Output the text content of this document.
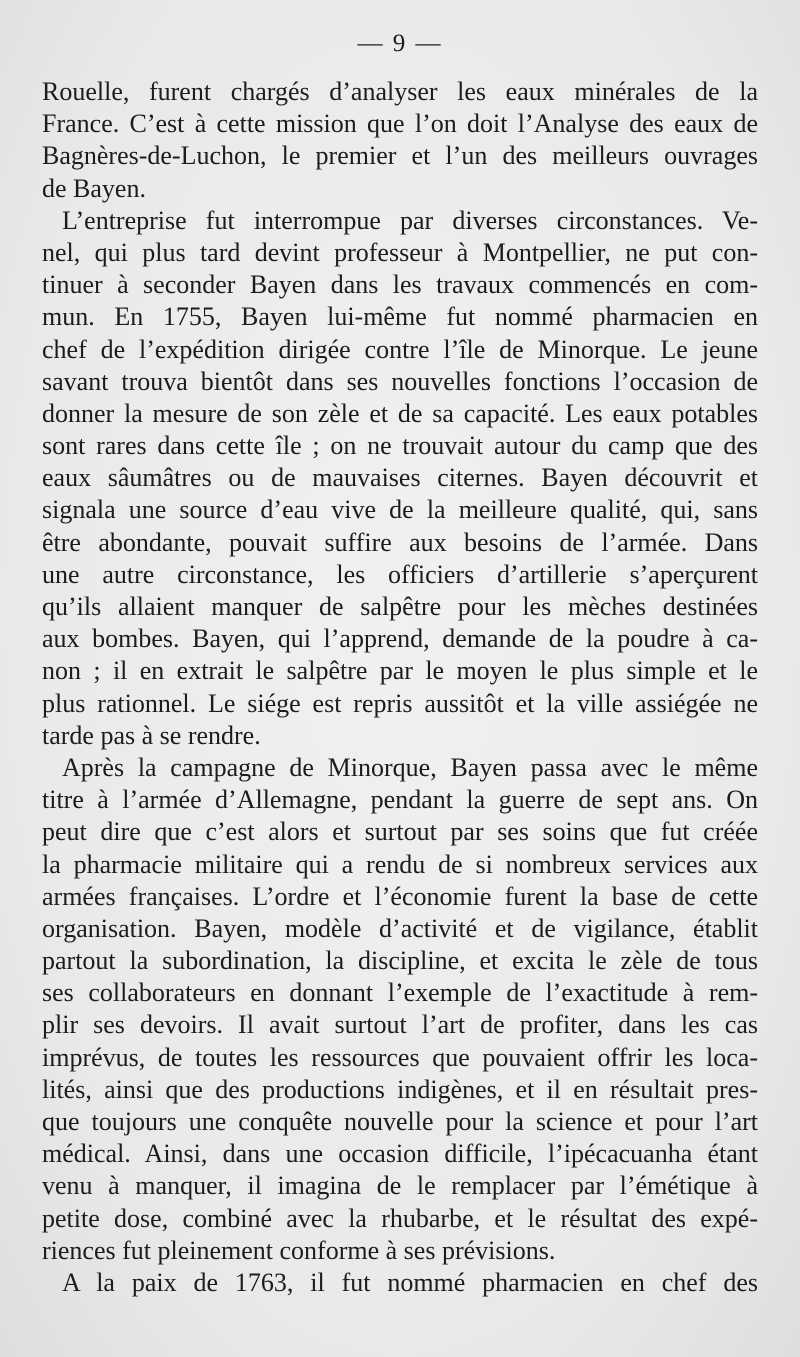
— 9 —
Rouelle, furent chargés d’analyser les eaux minérales de la
France. C’est à cette mission que l’on doit l’Analyse des eaux de
Bagnères-de-Luchon, le premier et l’un des meilleurs ouvrages
de Bayen.
L’entreprise fut interrompue par diverses circonstances. Ve-
nel, qui plus tard devint professeur à Montpellier, ne put con-
tinuer à seconder Bayen dans les travaux commencés en com-
mun. En 1755, Bayen lui-même fut nommé pharmacien en
chef de l’expédition dirigée contre l’île de Minorque. Le jeune
savant trouva bientôt dans ses nouvelles fonctions l’occasion de
donner la mesure de son zèle et de sa capacité. Les eaux potables
sont rares dans cette île ; on ne trouvait autour du camp que des
eaux sâumâtres ou de mauvaises citernes. Bayen découvrit et
signala une source d’eau vive de la meilleure qualité, qui, sans
être abondante, pouvait suffire aux besoins de l’armée. Dans
une autre circonstance, les officiers d’artillerie s’aperçurent
qu’ils allaient manquer de salpêtre pour les mèches destinées
aux bombes. Bayen, qui l’apprend, demande de la poudre à ca-
non ; il en extrait le salpêtre par le moyen le plus simple et le
plus rationnel. Le siége est repris aussitôt et la ville assiégée ne
tarde pas à se rendre.
Après la campagne de Minorque, Bayen passa avec le même
titre à l’armée d’Allemagne, pendant la guerre de sept ans. On
peut dire que c’est alors et surtout par ses soins que fut créée
la pharmacie militaire qui a rendu de si nombreux services aux
armées françaises. L’ordre et l’économie furent la base de cette
organisation. Bayen, modèle d’activité et de vigilance, établit
partout la subordination, la discipline, et excita le zèle de tous
ses collaborateurs en donnant l’exemple de l’exactitude à rem-
plir ses devoirs. Il avait surtout l’art de profiter, dans les cas
imprévus, de toutes les ressources que pouvaient offrir les loca-
lités, ainsi que des productions indigènes, et il en résultait pres-
que toujours une conquête nouvelle pour la science et pour l’art
médical. Ainsi, dans une occasion difficile, l’ipécacuanha étant
venu à manquer, il imagina de le remplacer par l’émétique à
petite dose, combiné avec la rhubarbe, et le résultat des expé-
riences fut pleinement conforme à ses prévisions.
A la paix de 1763, il fut nommé pharmacien en chef des
